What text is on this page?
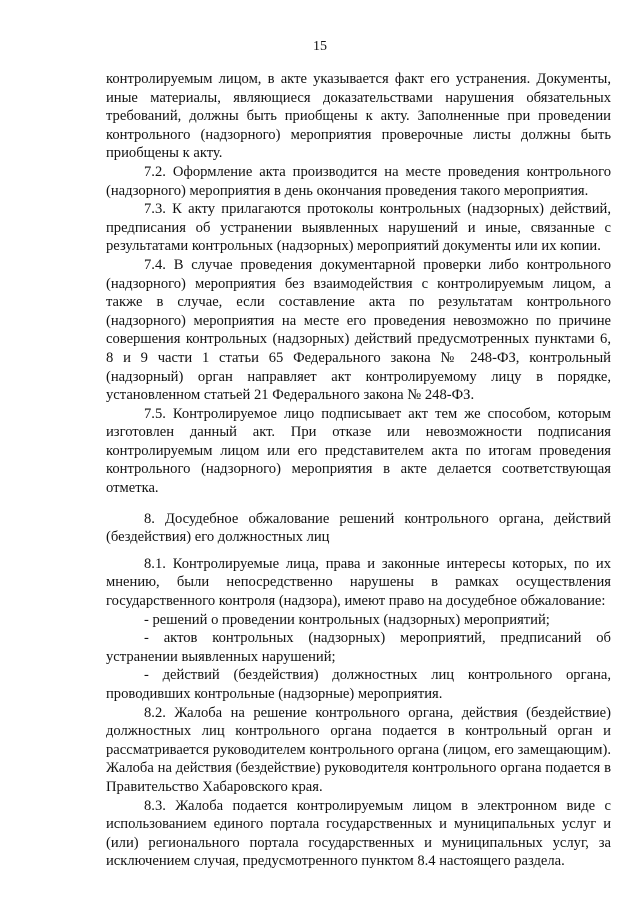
15

контролируемым лицом, в акте указывается факт его устранения. Документы, иные материалы, являющиеся доказательствами нарушения обязательных требований, должны быть приобщены к акту. Заполненные при проведении контрольного (надзорного) мероприятия проверочные листы должны быть приобщены к акту.

7.2. Оформление акта производится на месте проведения контрольного (надзорного) мероприятия в день окончания проведения такого мероприятия.

7.3. К акту прилагаются протоколы контрольных (надзорных) действий, предписания об устранении выявленных нарушений и иные, связанные с результатами контрольных (надзорных) мероприятий документы или их копии.

7.4. В случае проведения документарной проверки либо контрольного (надзорного) мероприятия без взаимодействия с контролируемым лицом, а также в случае, если составление акта по результатам контрольного (надзорного) мероприятия на месте его проведения невозможно по причине совершения контрольных (надзорных) действий предусмотренных пунктами 6, 8 и 9 части 1 статьи 65 Федерального закона № 248-ФЗ, контрольный (надзорный) орган направляет акт контролируемому лицу в порядке, установленном статьей 21 Федерального закона № 248-ФЗ.

7.5. Контролируемое лицо подписывает акт тем же способом, которым изготовлен данный акт. При отказе или невозможности подписания контролируемым лицом или его представителем акта по итогам проведения контрольного (надзорного) мероприятия в акте делается соответствующая отметка.

8. Досудебное обжалование решений контрольного органа, действий (бездействия) его должностных лиц

8.1. Контролируемые лица, права и законные интересы которых, по их мнению, были непосредственно нарушены в рамках осуществления государственного контроля (надзора), имеют право на досудебное обжалование:

- решений о проведении контрольных (надзорных) мероприятий;

- актов контрольных (надзорных) мероприятий, предписаний об устранении выявленных нарушений;

- действий (бездействия) должностных лиц контрольного органа, проводивших контрольные (надзорные) мероприятия.

8.2. Жалоба на решение контрольного органа, действия (бездействие) должностных лиц контрольного органа подается в контрольный орган и рассматривается руководителем контрольного органа (лицом, его замещающим). Жалоба на действия (бездействие) руководителя контрольного органа подается в Правительство Хабаровского края.

8.3. Жалоба подается контролируемым лицом в электронном виде с использованием единого портала государственных и муниципальных услуг и (или) регионального портала государственных и муниципальных услуг, за исключением случая, предусмотренного пунктом 8.4 настоящего раздела.
